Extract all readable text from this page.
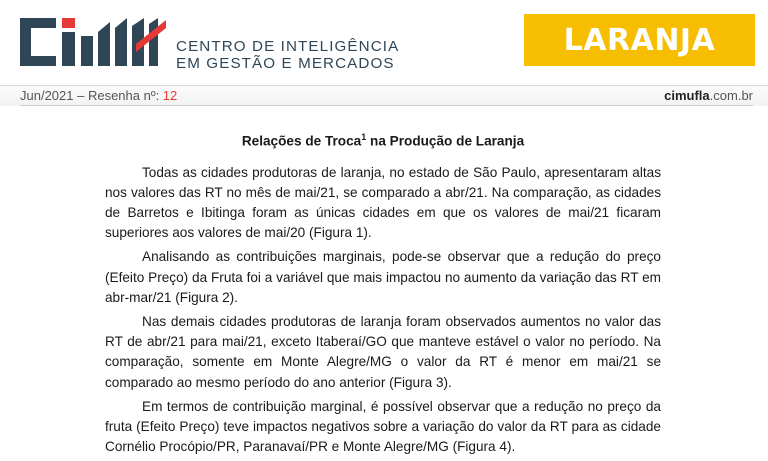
CENTRO DE INTELIGÊNCIA
EM GESTÃO E MERCADOS
LARANJA
Jun/2021 – Resenha nº: 12	cimufla.com.br
Relações de Troca$^1$ na Produção de Laranja

Todas as cidades produtoras de laranja, no estado de São Paulo, apresentaram altas nos valores das RT no mês de mai/21, se comparado a abr/21. Na comparação, as cidades de Barretos e Ibitinga foram as únicas cidades em que os valores de mai/21 ficaram superiores aos valores de mai/20 (Figura 1).

Analisando as contribuições marginais, pode-se observar que a redução do preço (Efeito Preço) da Fruta foi a variável que mais impactou no aumento da variação das RT em abr-mar/21 (Figura 2).

Nas demais cidades produtoras de laranja foram observados aumentos no valor das RT de abr/21 para mai/21, exceto Itaberaí/GO que manteve estável o valor no período. Na comparação, somente em Monte Alegre/MG o valor da RT é menor em mai/21 se comparado ao mesmo período do ano anterior (Figura 3).

Em termos de contribuição marginal, é possível observar que a redução no preço da fruta (Efeito Preço) teve impactos negativos sobre a variação do valor da RT para as cidade Cornélio Procópio/PR, Paranavaí/PR e Monte Alegre/MG (Figura 4).
